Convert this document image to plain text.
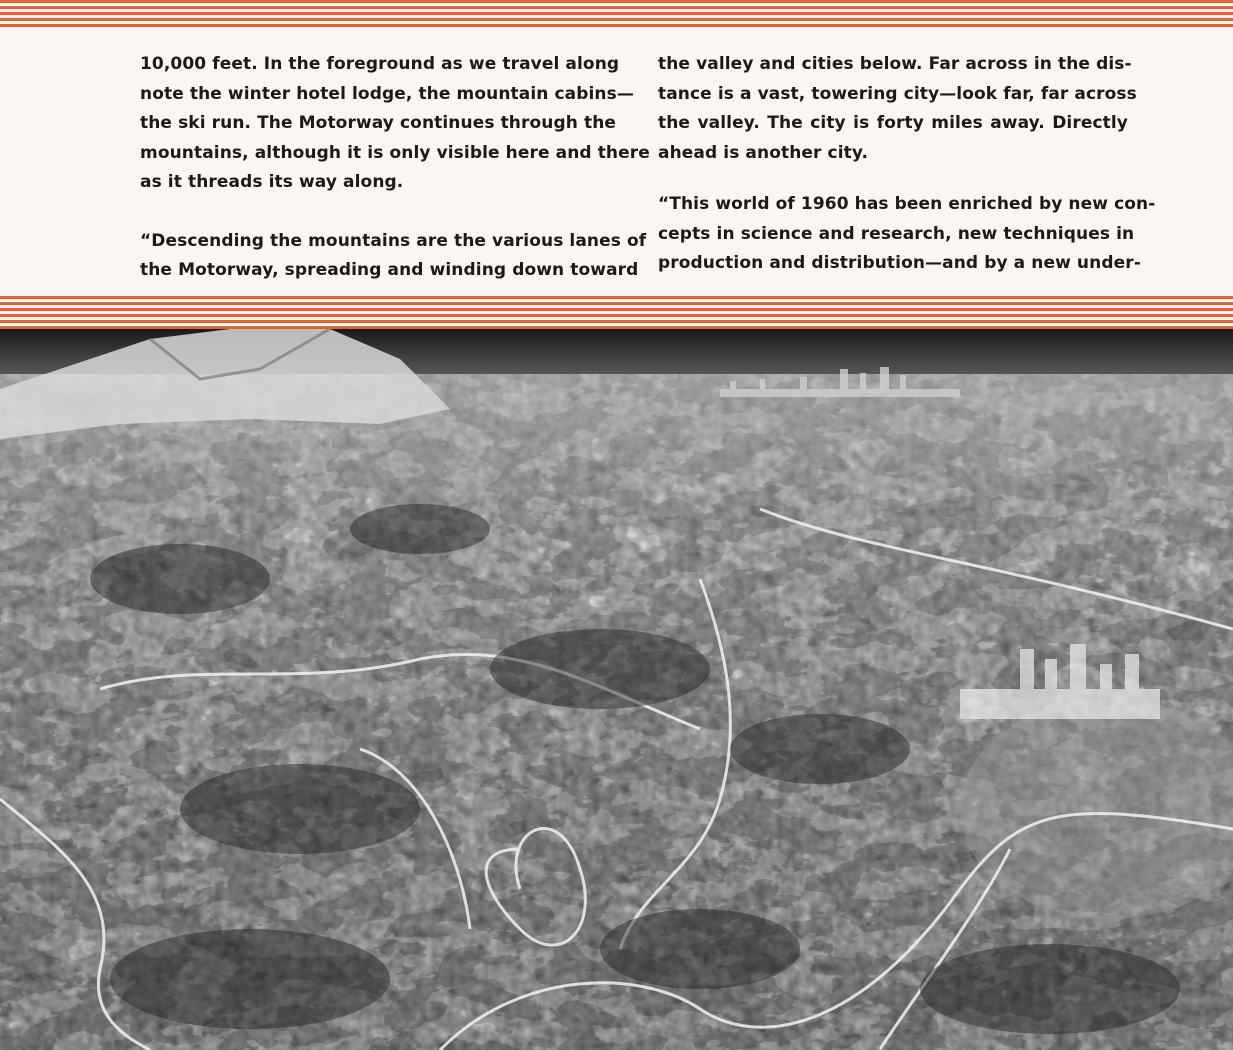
10,000 feet. In the foreground as we travel along
note the winter hotel lodge, the mountain cabins—
the ski run. The Motorway continues through the
mountains, although it is only visible here and there
as it threads its way along.
“Descending the mountains are the various lanes of
the Motorway, spreading and winding down toward
the valley and cities below. Far across in the dis-
tance is a vast, towering city—look far, far across
the valley. The city is forty miles away. Directly
ahead is another city.
“This world of 1960 has been enriched by new con-
cepts in science and research, new techniques in
production and distribution—and by a new under-
